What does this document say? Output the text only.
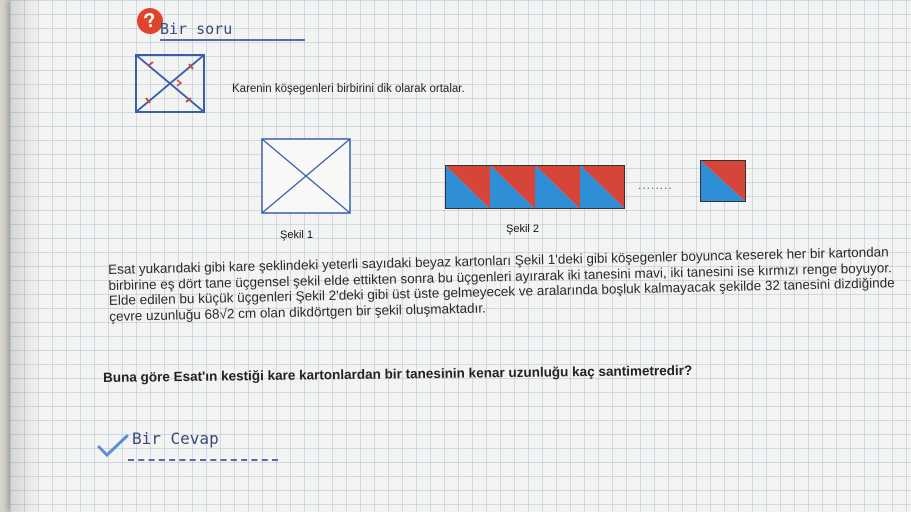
? Bir soru
Karenin köşegenleri birbirini dik olarak ortalar.
........
Şekil 1	Şekil 2

Esat yukarıdaki gibi kare şeklindeki yeterli sayıdaki beyaz kartonları Şekil 1'deki gibi köşegenler boyunca keserek her bir kartondan birbirine eş dört tane üçgensel şekil elde ettikten sonra bu üçgenleri ayırarak iki tanesini mavi, iki tanesini ise kırmızı renge boyuyor. Elde edilen bu küçük üçgenleri Şekil 2'deki gibi üst üste gelmeyecek ve aralarında boşluk kalmayacak şekilde 32 tanesini dizdiğinde çevre uzunluğu 68√2 cm olan dikdörtgen bir şekil oluşmaktadır.

Buna göre Esat'ın kestiği kare kartonlardan bir tanesinin kenar uzunluğu kaç santimetredir?
Bir Cevap
